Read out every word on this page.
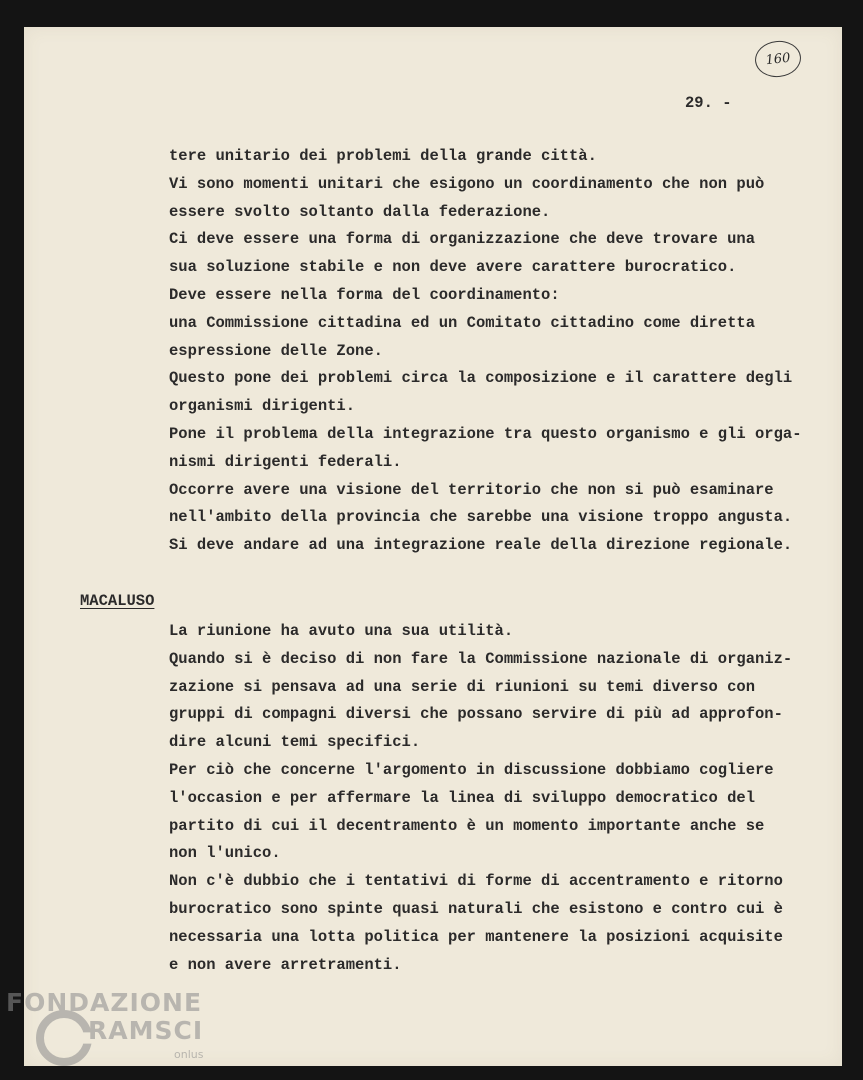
160
29. -
tere unitario dei problemi della grande città.
Vi sono momenti unitari che esigono un coordinamento che non può
essere svolto soltanto dalla federazione.
Ci deve essere una forma di organizzazione che deve trovare una
sua soluzione stabile e non deve avere carattere burocratico.
Deve essere nella forma del coordinamento:
una Commissione cittadina ed un Comitato cittadino come diretta
espressione delle Zone.
Questo pone dei problemi circa la composizione e il carattere degli
organismi dirigenti.
Pone il problema della integrazione tra questo organismo e gli orga-
nismi dirigenti federali.
Occorre avere una visione del territorio che non si può esaminare
nell'ambito della provincia che sarebbe una visione troppo angusta.
Si deve andare ad una integrazione reale della direzione regionale.
MACALUSO
La riunione ha avuto una sua utilità.
Quando si è deciso di non fare la Commissione nazionale di organiz-
zazione si pensava ad una serie di riunioni su temi diverso con
gruppi di compagni diversi che possano servire di più ad approfon-
dire alcuni temi specifici.
Per ciò che concerne l'argomento in discussione dobbiamo cogliere
l'occasion e per affermare la linea di sviluppo democratico del
partito di cui il decentramento è un momento importante anche se
non l'unico.
Non c'è dubbio che i tentativi di forme di accentramento e ritorno
burocratico sono spinte quasi naturali che esistono e contro cui è
necessaria una lotta politica per mantenere la posizioni acquisite
e non avere arretramenti.
FONDAZIONE
RAMSCI
onlus
